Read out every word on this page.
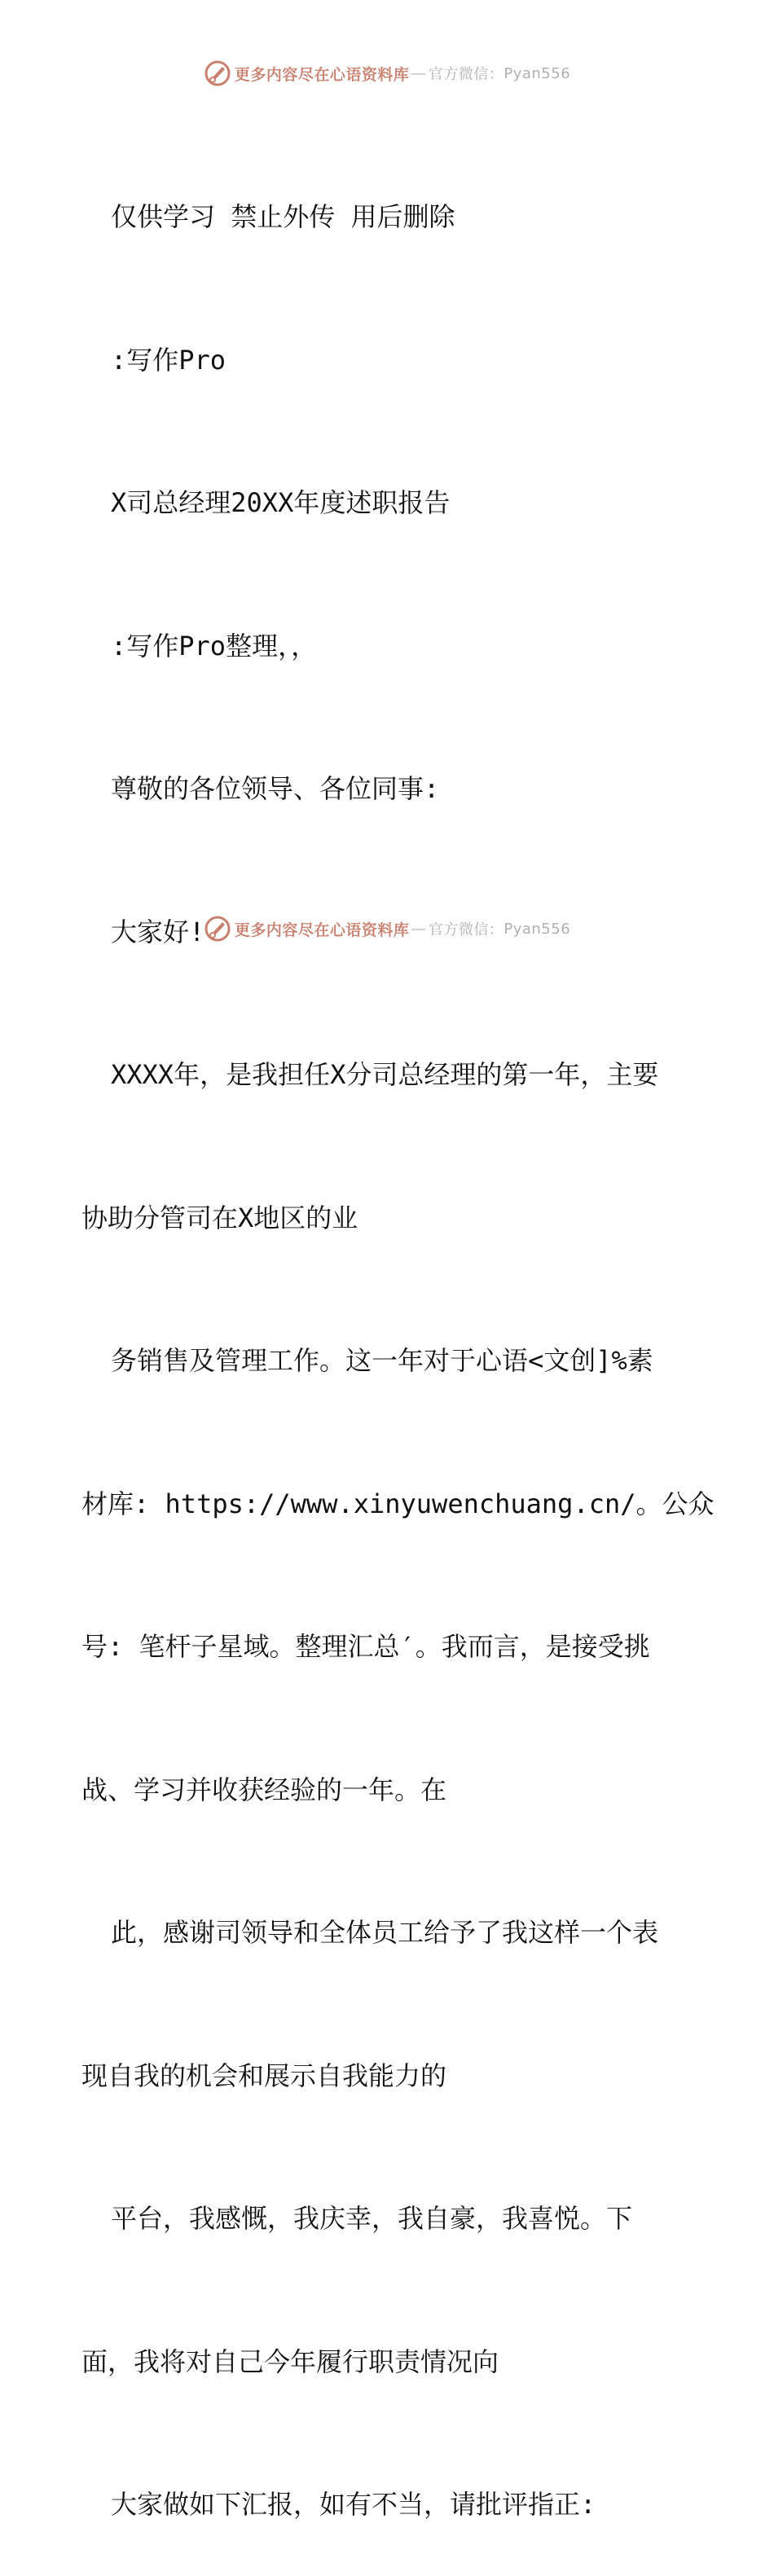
更多内容尽在心语资料库 — 官方微信： Pyan556

仅供学习 禁止外传 用后删除

:写作Pro

X司总经理20XX年度述职报告

:写作Pro整理，，

尊敬的各位领导、各位同事:

大家好!

XXXX年，是我担任X分司总经理的第一年，主要

协助分管司在X地区的业

务销售及管理工作。这一年对于心语<文创]%素

材库: https://www.xinyuwenchuang.cn/。公众

号: 笔杆子星域。整理汇总′。我而言，是接受挑

战、学习并收获经验的一年。在

此，感谢司领导和全体员工给予了我这样一个表

现自我的机会和展示自我能力的

平台，我感慨，我庆幸，我自豪，我喜悦。下

面，我将对自己今年履行职责情况向

大家做如下汇报，如有不当，请批评指正:

更多内容尽在心语资料库 — 官方微信： Pyan556
